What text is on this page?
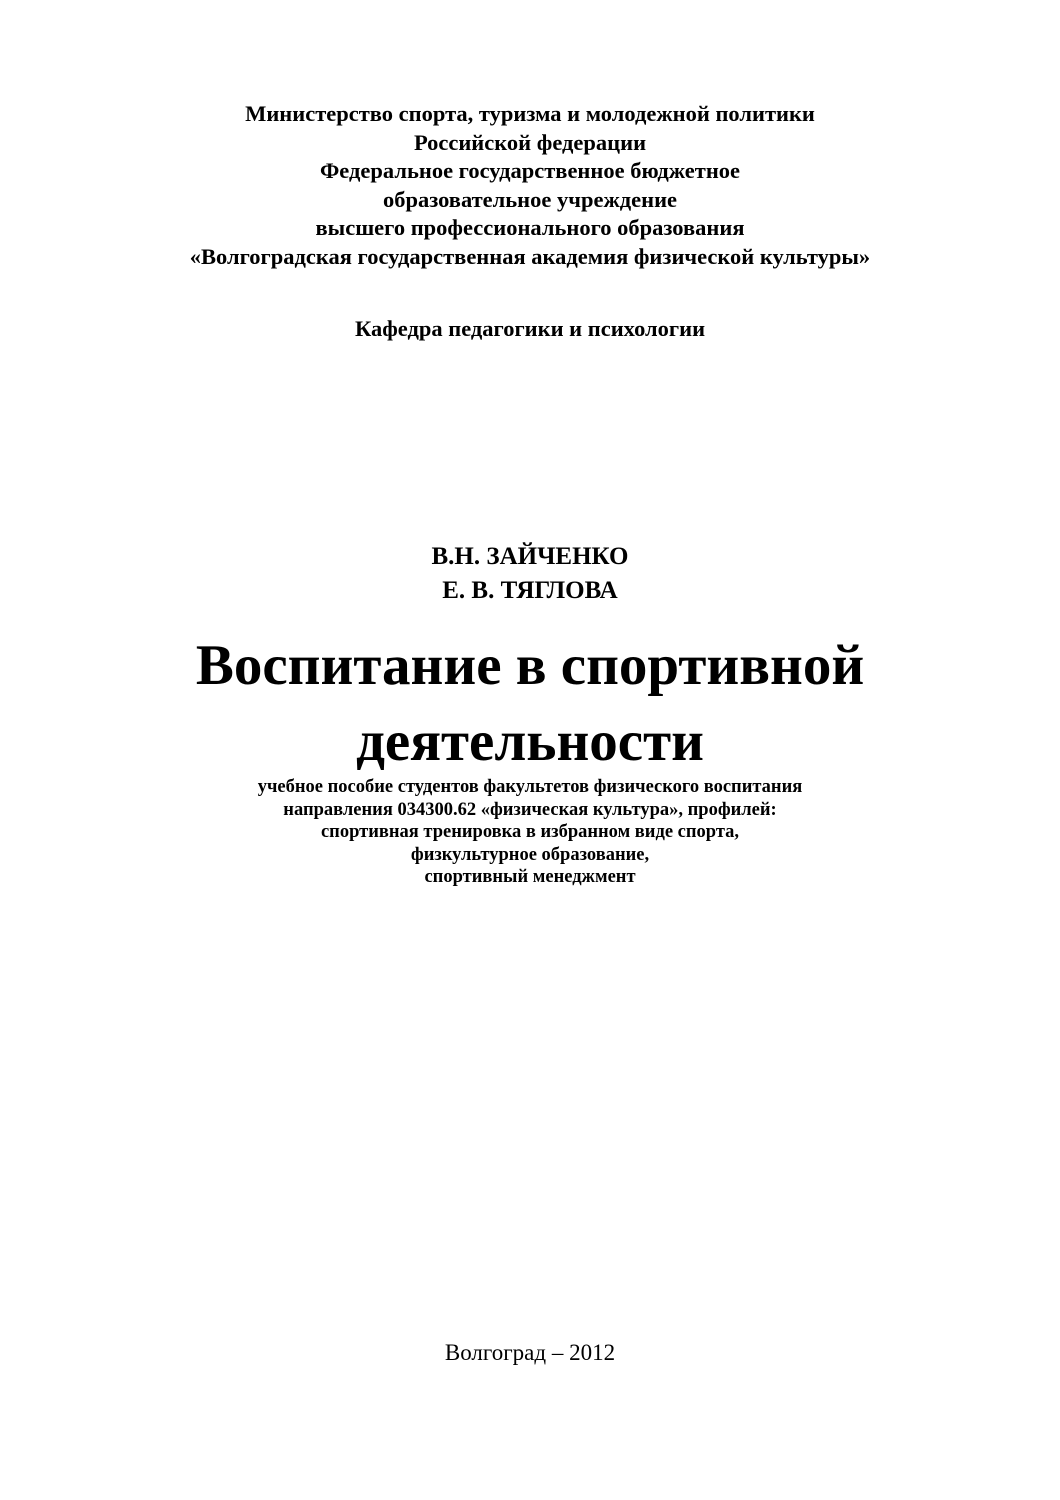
Министерство спорта, туризма и молодежной политики
Российской федерации
Федеральное государственное бюджетное
образовательное учреждение
высшего профессионального образования
«Волгоградская государственная академия физической культуры»
Кафедра педагогики и психологии
В.Н. ЗАЙЧЕНКО
Е. В. ТЯГЛОВА
Воспитание в спортивной
деятельности
учебное пособие студентов факультетов физического воспитания
направления 034300.62 «физическая культура», профилей:
спортивная тренировка в избранном виде спорта,
физкультурное образование,
спортивный менеджмент
Волгоград – 2012
